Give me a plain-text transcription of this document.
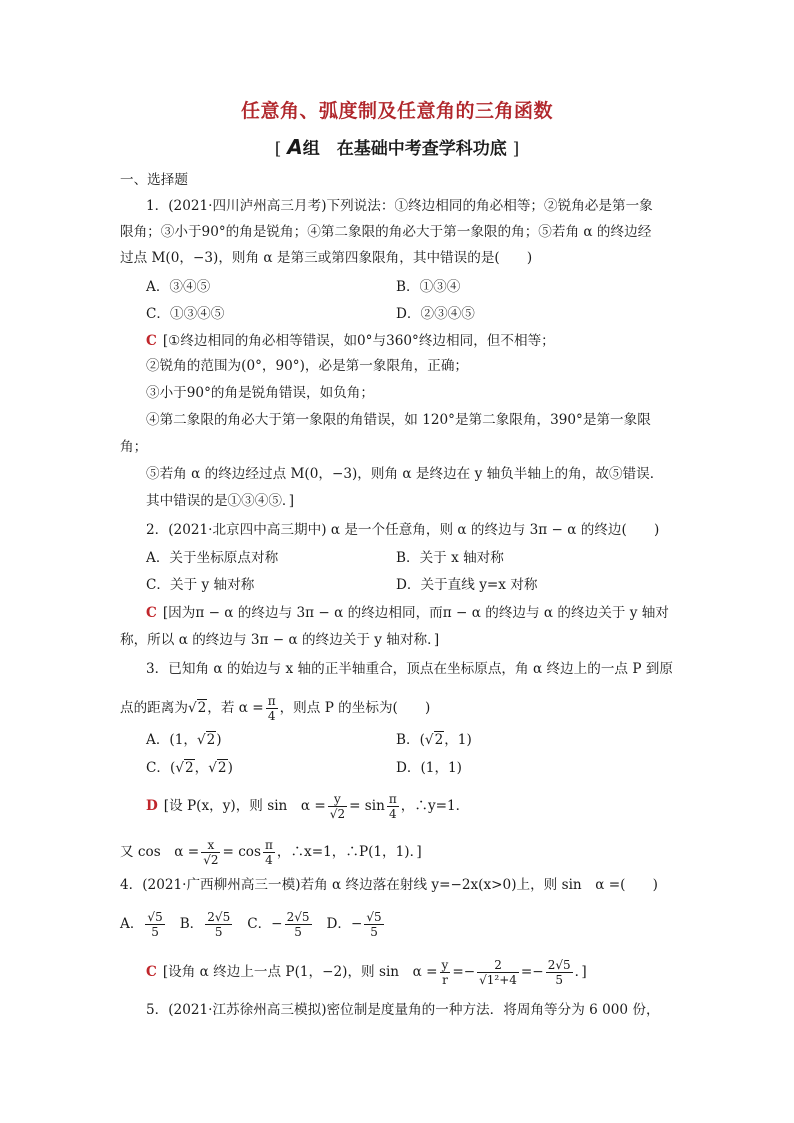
任意角、弧度制及任意角的三角函数
[ A组　在基础中考查学科功底 ]
一、选择题
1．(2021·四川泸州高三月考)下列说法：①终边相同的角必相等；②锐角必是第一象
限角；③小于90°的角是锐角；④第二象限的角必大于第一象限的角；⑤若角 α 的终边经
过点 M(0，−3)，则角 α 是第三或第四象限角，其中错误的是(　　)
A．③④⑤	B．①③④
C．①③④⑤	D．②③④⑤
C [①终边相同的角必相等错误，如0°与360°终边相同，但不相等；
②锐角的范围为(0°，90°)，必是第一象限角，正确；
③小于90°的角是锐角错误，如负角；
④第二象限的角必大于第一象限的角错误，如 120°是第二象限角，390°是第一象限
角；
⑤若角 α 的终边经过点 M(0，−3)，则角 α 是终边在 y 轴负半轴上的角，故⑤错误．
其中错误的是①③④⑤．]
2．(2021·北京四中高三期中) α 是一个任意角，则 α 的终边与 3π − α 的终边(　　)
A．关于坐标原点对称	B．关于 x 轴对称
C．关于 y 轴对称	D．关于直线 y=x 对称
C [因为π − α 的终边与 3π − α 的终边相同，而π − α 的终边与 α 的终边关于 y 轴对
称，所以 α 的终边与 3π − α 的终边关于 y 轴对称．]
3．已知角 α 的始边与 x 轴的正半轴重合，顶点在坐标原点，角 α 终边上的一点 P 到原
点的距离为√2，若 $\alpha = \frac{\pi}{4}$ ，则点 P 的坐标为(　　)
A．(1，√2)	B．(√2，1)
C．(√2，√2)	D．(1，1)
D [设 P(x，y)，则 sin　$\alpha = \frac{y}{√2} = \sin \frac{\pi}{4}$ ，∴y=1．
又 cos　$\alpha = \frac{x}{√2} = \cos \frac{\pi}{4}$ ，∴x=1，∴P(1，1)．]
4．(2021·广西柳州高三一模)若角 α 终边落在射线 y=−2x(x>0)上，则 sin　α =(　　)
A． $\frac{√5}{5}$ B． $\frac{2√5}{5}$ C．− $\frac{2√5}{5}$ D．− $\frac{√5}{5}$
C [设角 α 终边上一点 P(1，−2)，则 sin　$\alpha = \frac{y}{r} =- \frac{2}{\text{√1²+4}} =- \frac{2√5}{5}$ ．]
5．(2021·江苏徐州高三模拟)密位制是度量角的一种方法．将周角等分为 6 000 份，
